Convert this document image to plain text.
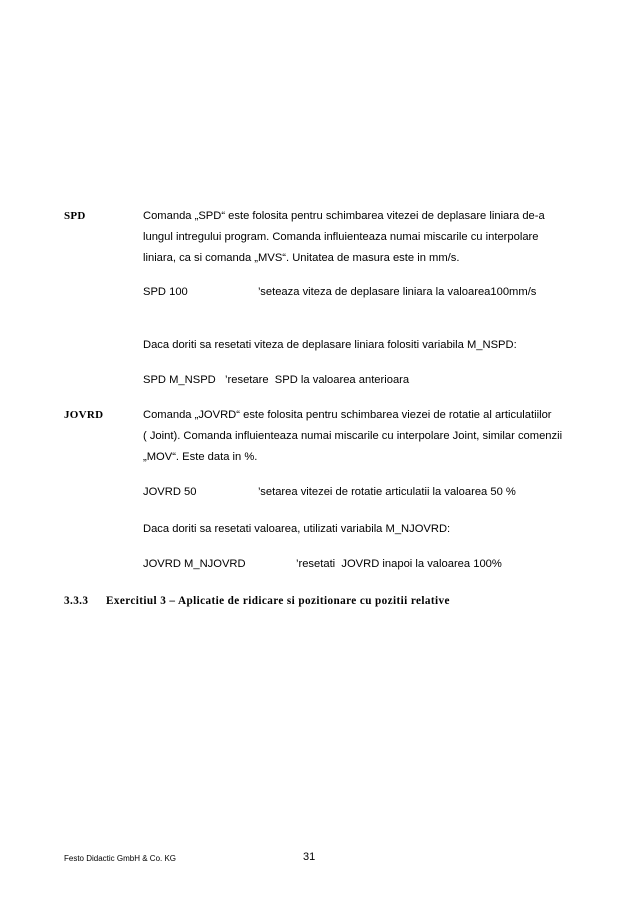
SPD	Comanda „SPD“ este folosita pentru schimbarea vitezei de deplasare liniara de-a
lungul intregului program. Comanda influienteaza numai miscarile cu interpolare
liniara, ca si comanda „MVS“. Unitatea de masura este in mm/s.
SPD 100	’seteaza viteza de deplasare liniara la valoarea100mm/s
Daca doriti sa resetati viteza de deplasare liniara folositi variabila M_NSPD:
SPD M_NSPD   ’resetare  SPD la valoarea anterioara
JOVRD	Comanda „JOVRD“ este folosita pentru schimbarea viezei de rotatie al articulatiilor
( Joint). Comanda influienteaza numai miscarile cu interpolare Joint, similar comenzii
„MOV“. Este data in %.
JOVRD 50	’setarea vitezei de rotatie articulatii la valoarea 50 %
Daca doriti sa resetati valoarea, utilizati variabila M_NJOVRD:
JOVRD M_NJOVRD	’resetati  JOVRD inapoi la valoarea 100%
3.3.3 Exercitiul 3 – Aplicatie de ridicare si pozitionare cu pozitii relative
Festo Didactic GmbH & Co. KG	31
